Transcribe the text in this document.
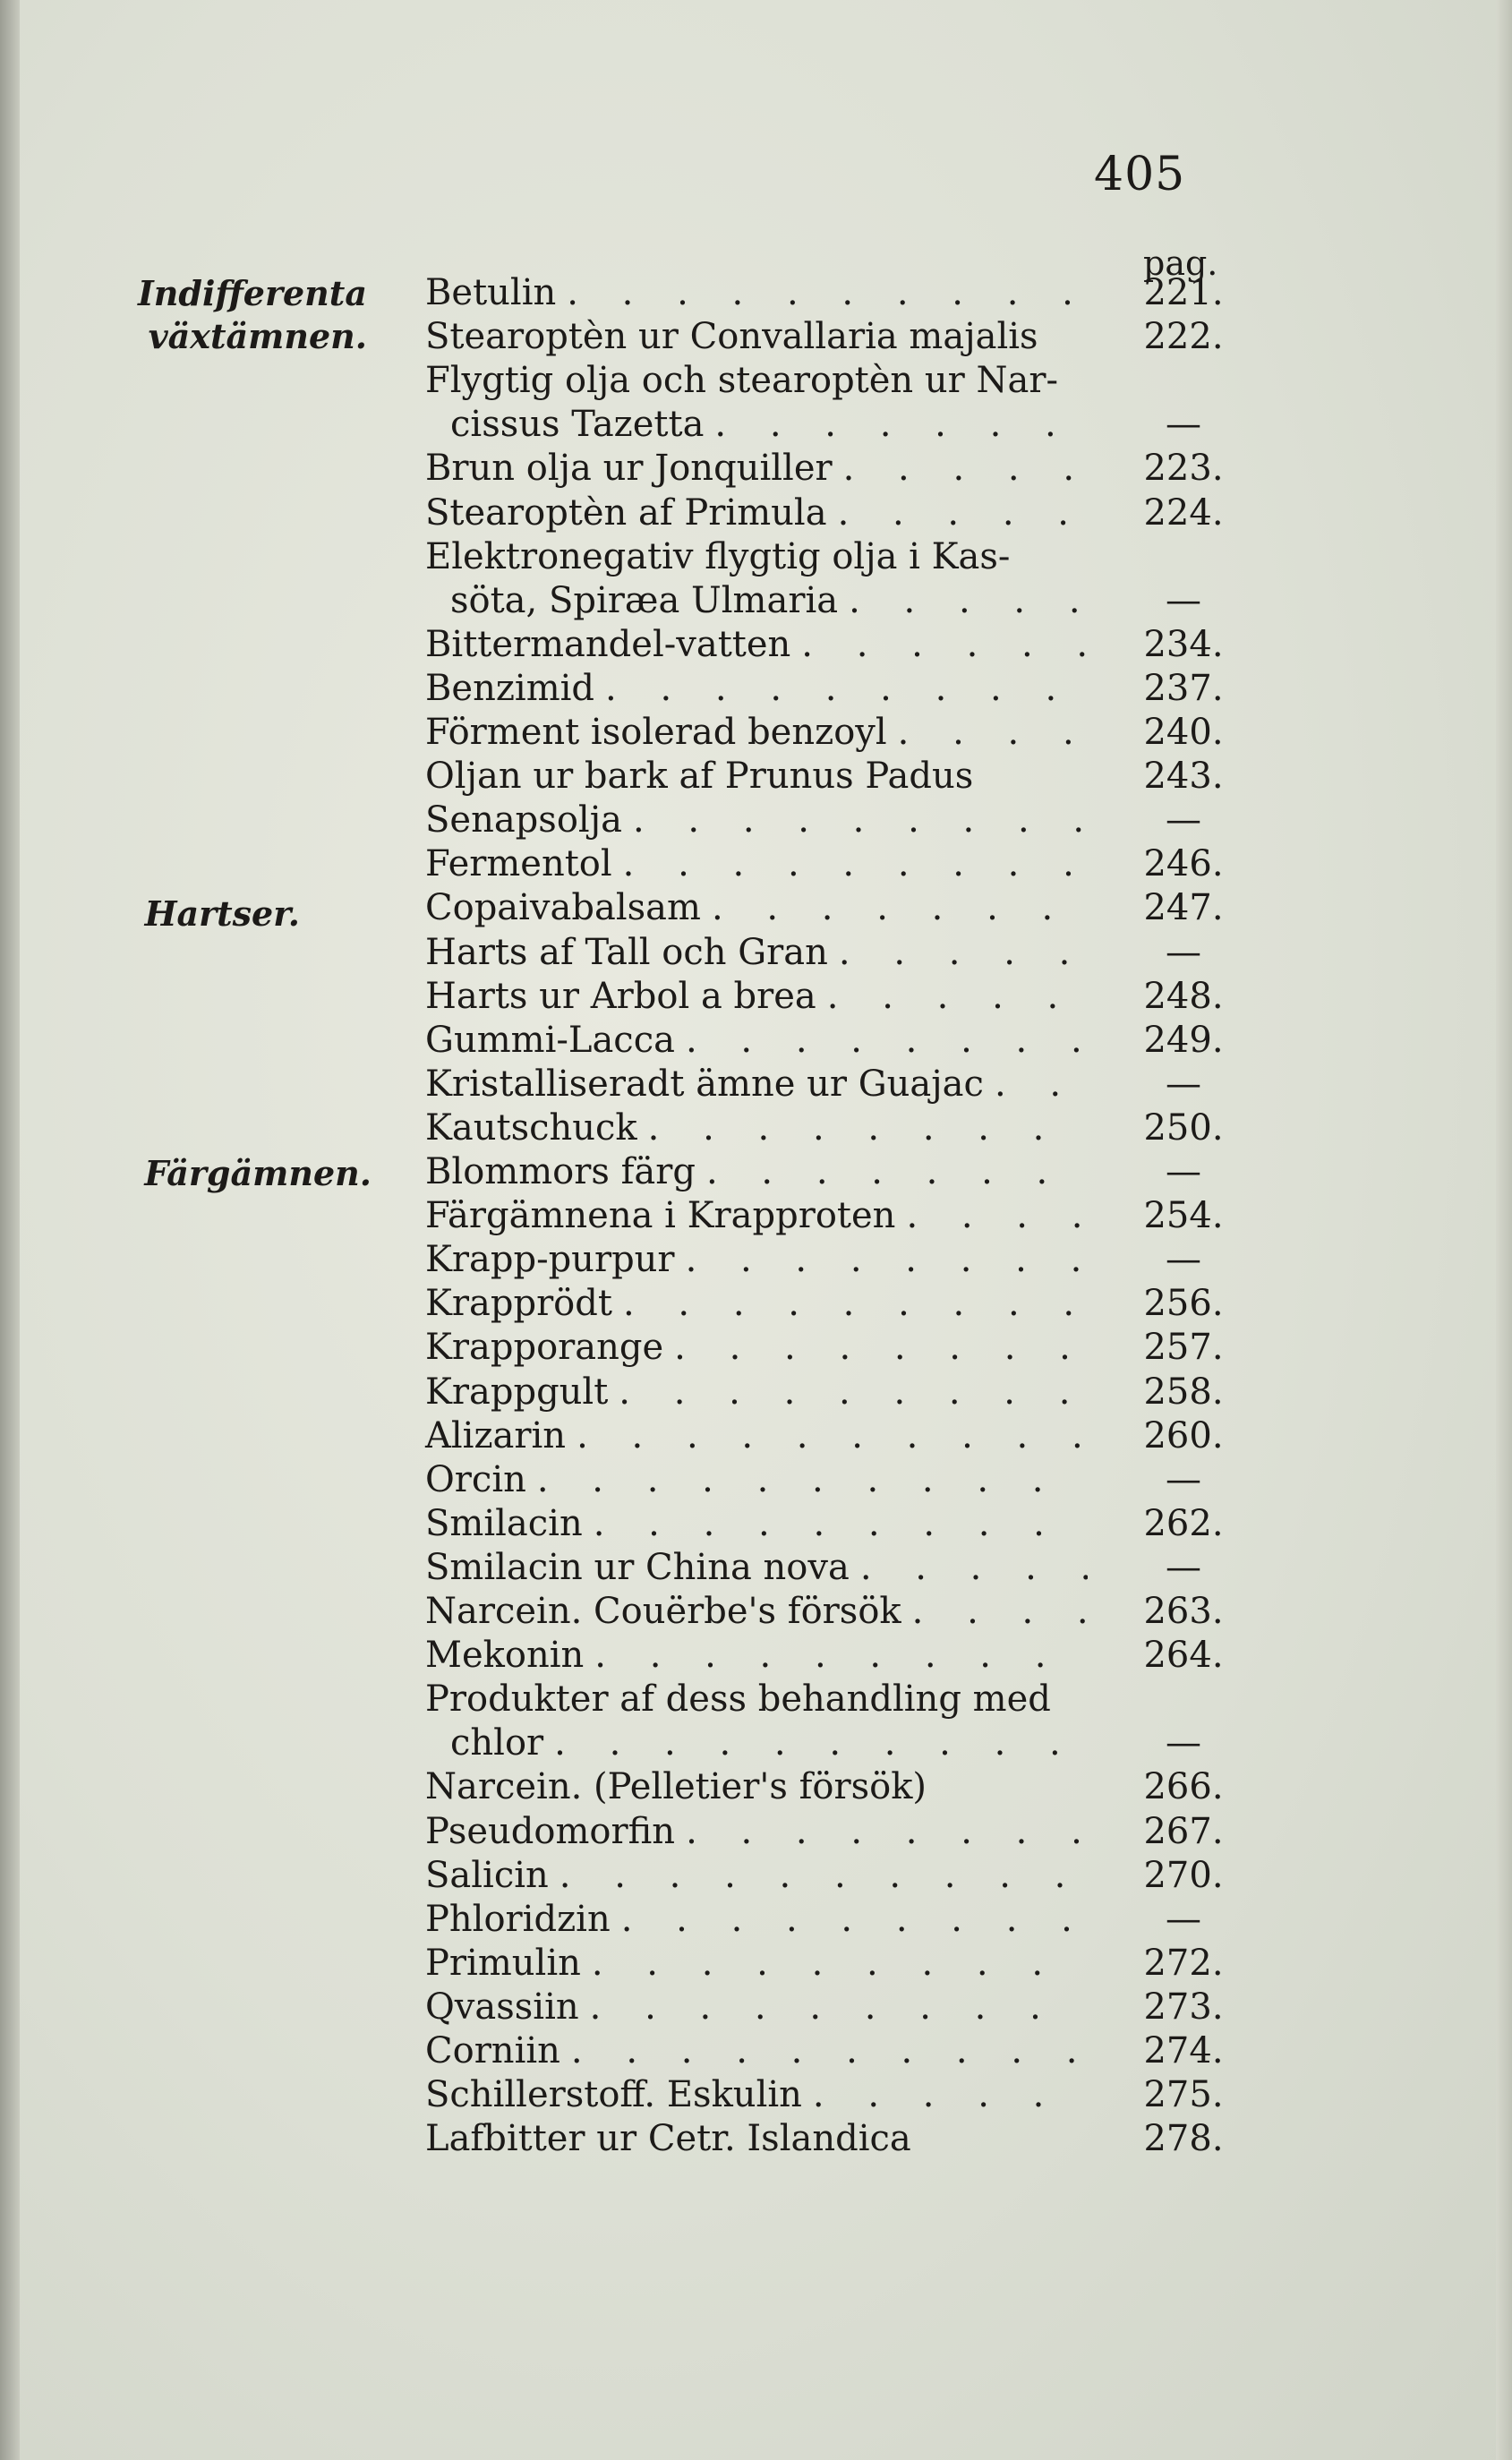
405
pag.
Indifferenta
växtämnen.
Hartser.
Färgämnen.
Betulin . . .	221.
Stearoptèn ur Convallaria majalis	222.
Flygtig olja och stearoptèn ur Nar-
cissus Tazetta . . .	—
Brun olja ur Jonquiller . . .	223.
Stearoptèn af Primula . . .	224.
Elektronegativ flygtig olja i Kas-
söta, Spiræa Ulmaria . . .	—
Bittermandel-vatten . . .	234.
Benzimid . . .	237.
Förment isolerad benzoyl . . .	240.
Oljan ur bark af Prunus Padus	243.
Senapsolja . . .	—
Fermentol . . .	246.
Copaivabalsam . . .	247.
Harts af Tall och Gran . . .	—
Harts ur Arbol a brea . . .	248.
Gummi-Lacca . . .	249.
Kristalliseradt ämne ur Guajac . . .	—
Kautschuck . . .	250.
Blommors färg . . .	—
Färgämnena i Krapproten . . .	254.
Krapp-purpur . . .	—
Krapprödt . . .	256.
Krapporange . . .	257.
Krappgult . . .	258.
Alizarin . . .	260.
Orcin . . .	—
Smilacin . . .	262.
Smilacin ur China nova . . .	—
Narcein. Couërbe's försök . . .	263.
Mekonin . . .	264.
Produkter af dess behandling med
chlor . . .	—
Narcein. (Pelletier's försök)	266.
Pseudomorfin . . .	267.
Salicin . . .	270.
Phloridzin . . .	—
Primulin . . .	272.
Qvassiin . . .	273.
Corniin . . .	274.
Schillerstoff. Eskulin . . .	275.
Lafbitter ur Cetr. Islandica	278.
